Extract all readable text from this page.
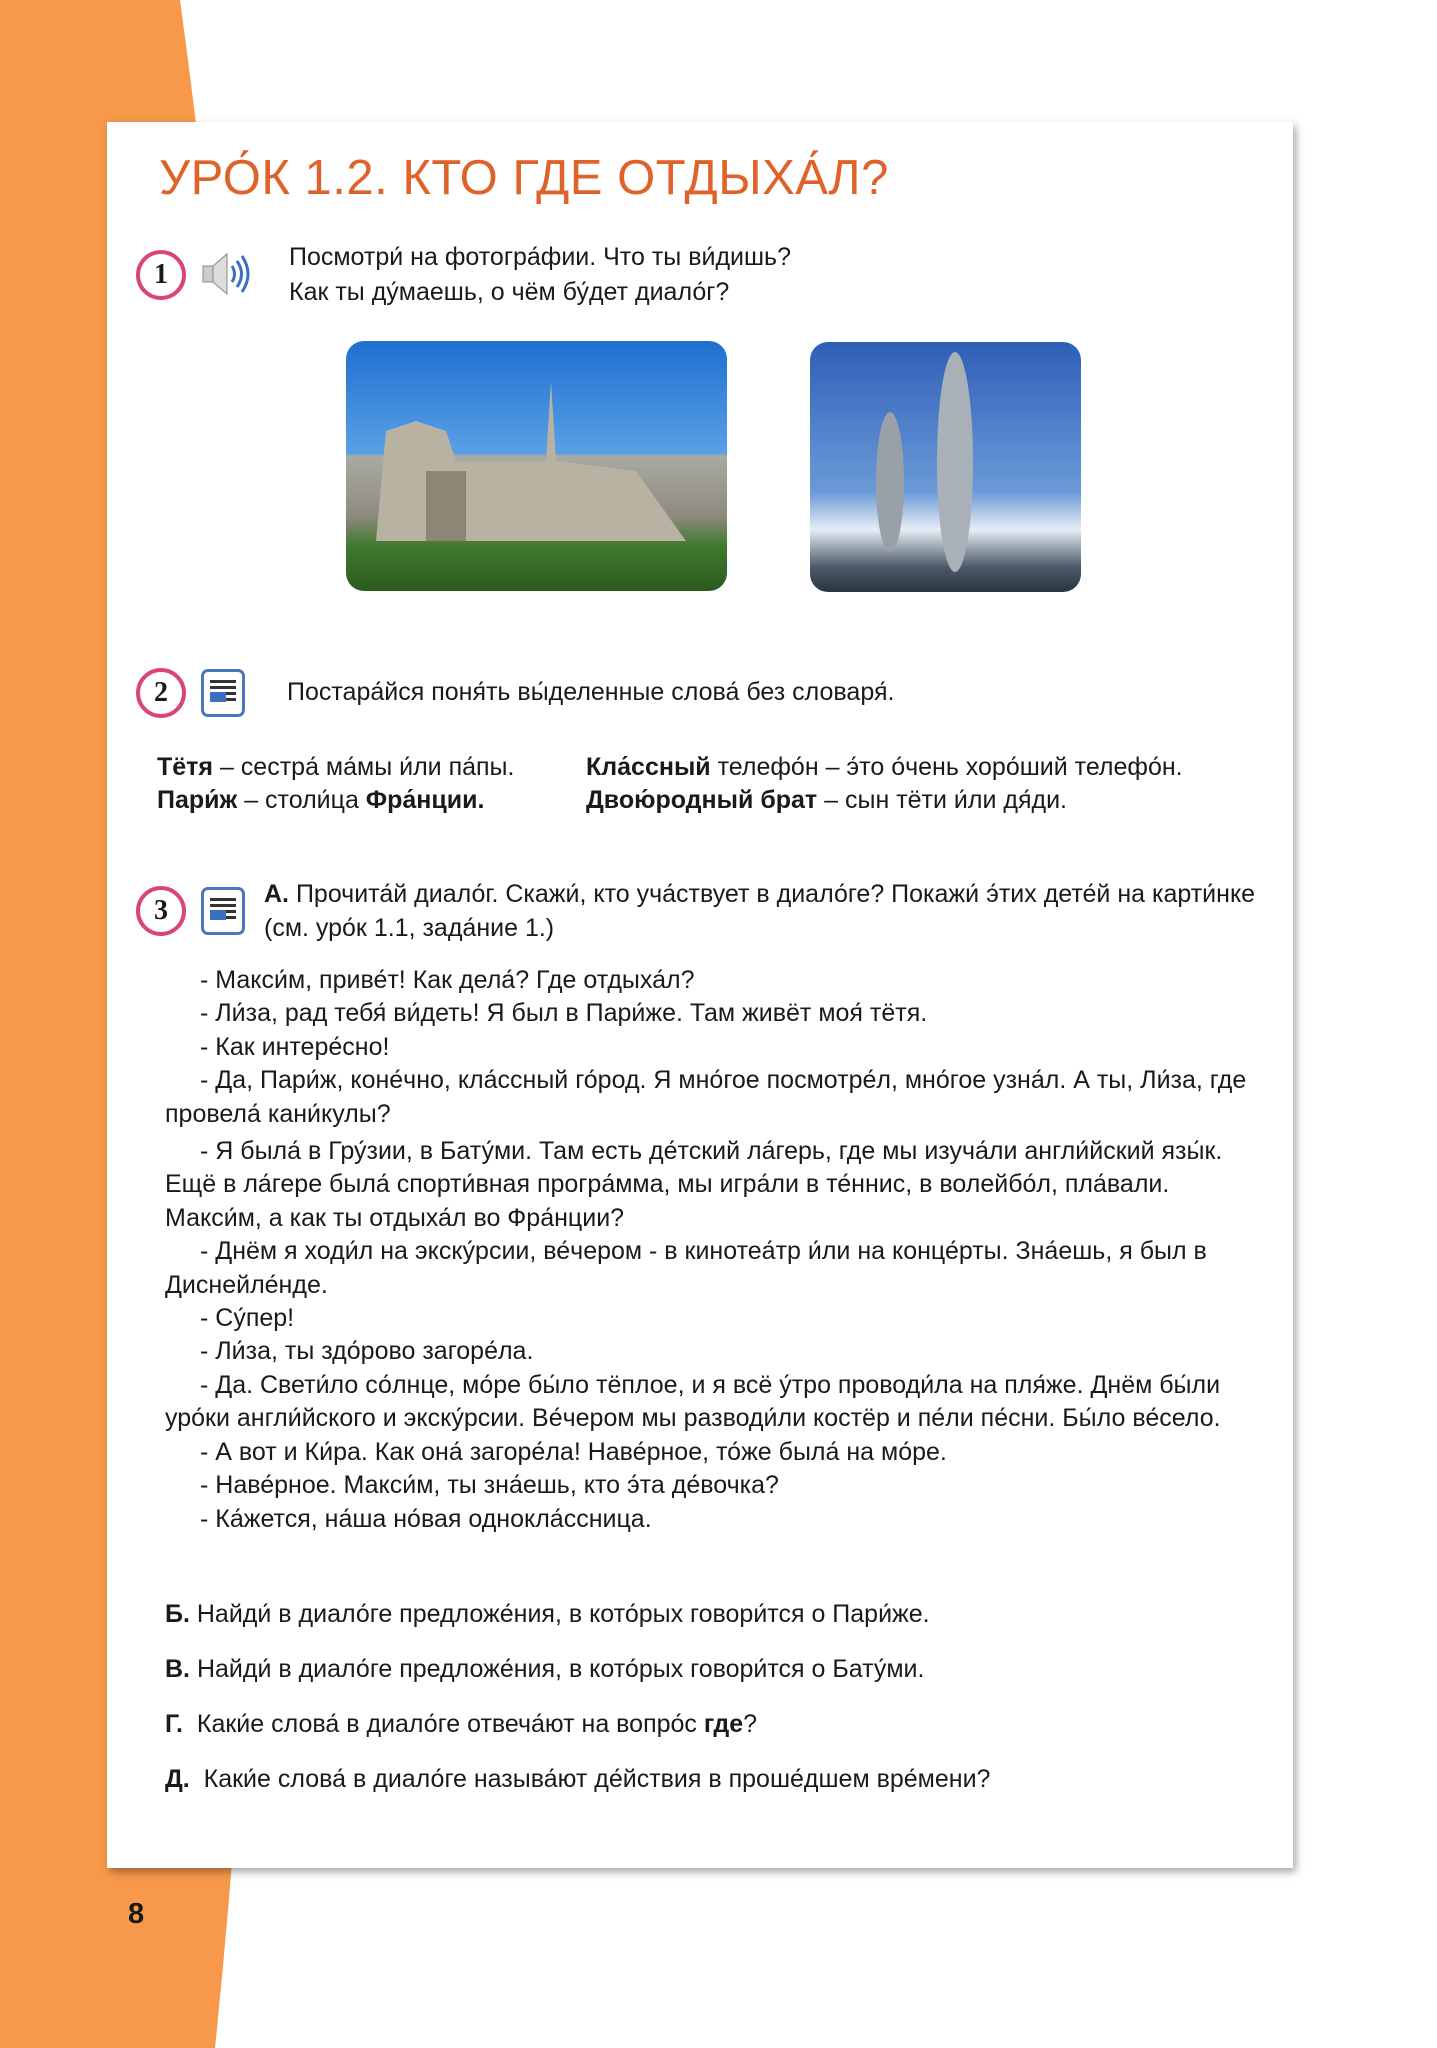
8
УРО́К 1.2. КТО ГДЕ ОТДЫХА́Л?
1
Посмотри́ на фотогра́фии. Что ты ви́дишь?
Как ты ду́маешь, о чём бу́дет диало́г?
2	Постара́йся поня́ть вы́деленные слова́ без словаря́.
Тётя – сестра́ ма́мы и́ли па́пы.	Кла́ссный телефо́н – э́то о́чень хоро́ший телефо́н.
Пари́ж – столи́ца Фра́нции.	Двою́родный брат – сын тёти и́ли дя́ди.
3
А. Прочита́й диало́г. Скажи́, кто уча́ствует в диало́ге? Покажи́ э́тих дете́й на карти́нке (см. уро́к 1.1, зада́ние 1.)

- Макси́м, приве́т! Как дела́? Где отдыха́л?

- Ли́за, рад тебя́ ви́деть! Я был в Пари́же. Там живёт моя́ тётя.

- Как интере́сно!

- Да, Пари́ж, коне́чно, кла́ссный го́род. Я мно́гое посмотре́л, мно́гое узна́л. А ты, Ли́за, где провела́ кани́кулы?

- Я была́ в Гру́зии, в Бату́ми. Там есть де́тский ла́герь, где мы изуча́ли англи́йский язы́к. Ещё в ла́гере была́ спорти́вная програ́мма, мы игра́ли в те́ннис, в волейбо́л, пла́вали. Макси́м, а как ты отдыха́л во Фра́нции?

- Днём я ходи́л на экску́рсии, ве́чером - в кинотеа́тр и́ли на конце́рты. Зна́ешь, я был в Диснейле́нде.

- Су́пер!

- Ли́за, ты здо́рово загоре́ла.

- Да. Свети́ло со́лнце, мо́ре бы́ло тёплое, и я всё у́тро проводи́ла на пля́же. Днём бы́ли уро́ки англи́йского и экску́рсии. Ве́чером мы разводи́ли костёр и пе́ли пе́сни. Бы́ло ве́село.

- А вот и Ки́ра. Как она́ загоре́ла! Наве́рное, то́же была́ на мо́ре.

- Наве́рное. Макси́м, ты зна́ешь, кто э́та де́вочка?

- Ка́жется, на́ша но́вая однокла́ссница.

Б. Найди́ в диало́ге предложе́ния, в кото́рых говори́тся о Пари́же.
В. Найди́ в диало́ге предложе́ния, в кото́рых говори́тся о Бату́ми.
Г.  Каки́е слова́ в диало́ге отвеча́ют на вопро́с где?
Д.  Каки́е слова́ в диало́ге называ́ют де́йствия в проше́дшем вре́мени?
